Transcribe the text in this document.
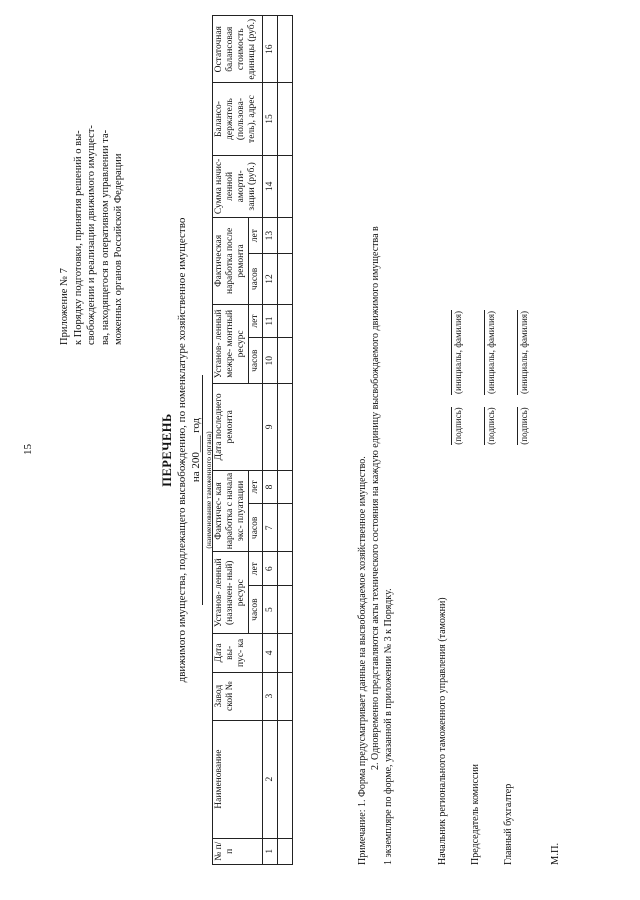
15
Приложение № 7 к Порядку подготовки, принятия решений о вы- свобождении и реализации движимого имущест- ва, находящегося в оперативном управлении та- моженных органов Российской Федерации
ПЕРЕЧЕНЬ движимого имущества, подлежащего высвобождению, по номенклатуре хозяйственное имущество на 200___ год (наименование таможенного органа)
№ п/п	Наименование	Завод ской №	Дата вы- пус- ка	Установ- ленный (назначен- ный) ресурс		Фактичес- кая наработка с начала экс- плуатации		Дата последнего ремонта	Установ- ленный межре- монтный ресурс		Фактическая наработка после ремонта		Сумма начис- ленной аморти- зации (руб.)	Балансо- держатель (пользова- тель), адрес	Остаточная балансовая стоимость единицы (руб.)
				часов	лет	часов	лет		часов	лет	часов	лет			
1	2	3	4	5	6	7	8	9	10	11	12	13	14	15	16

Примечание: 1. Форма предусматривает данные на высвобождаемое хозяйственное имущество. 2. Одновременно представляются акты технического состояния на каждую единицу высвобождаемого движимого имущества в 1 экземпляре по форме, указанной в приложении № 3 к Порядку.	Начальник регионального таможенного управления (таможни)
(подпись)
(инициалы, фамилия)
Председатель комиссии
(подпись)
(инициалы, фамилия)
Главный бухгалтер
(подпись)
(инициалы, фамилия)
М.П.
